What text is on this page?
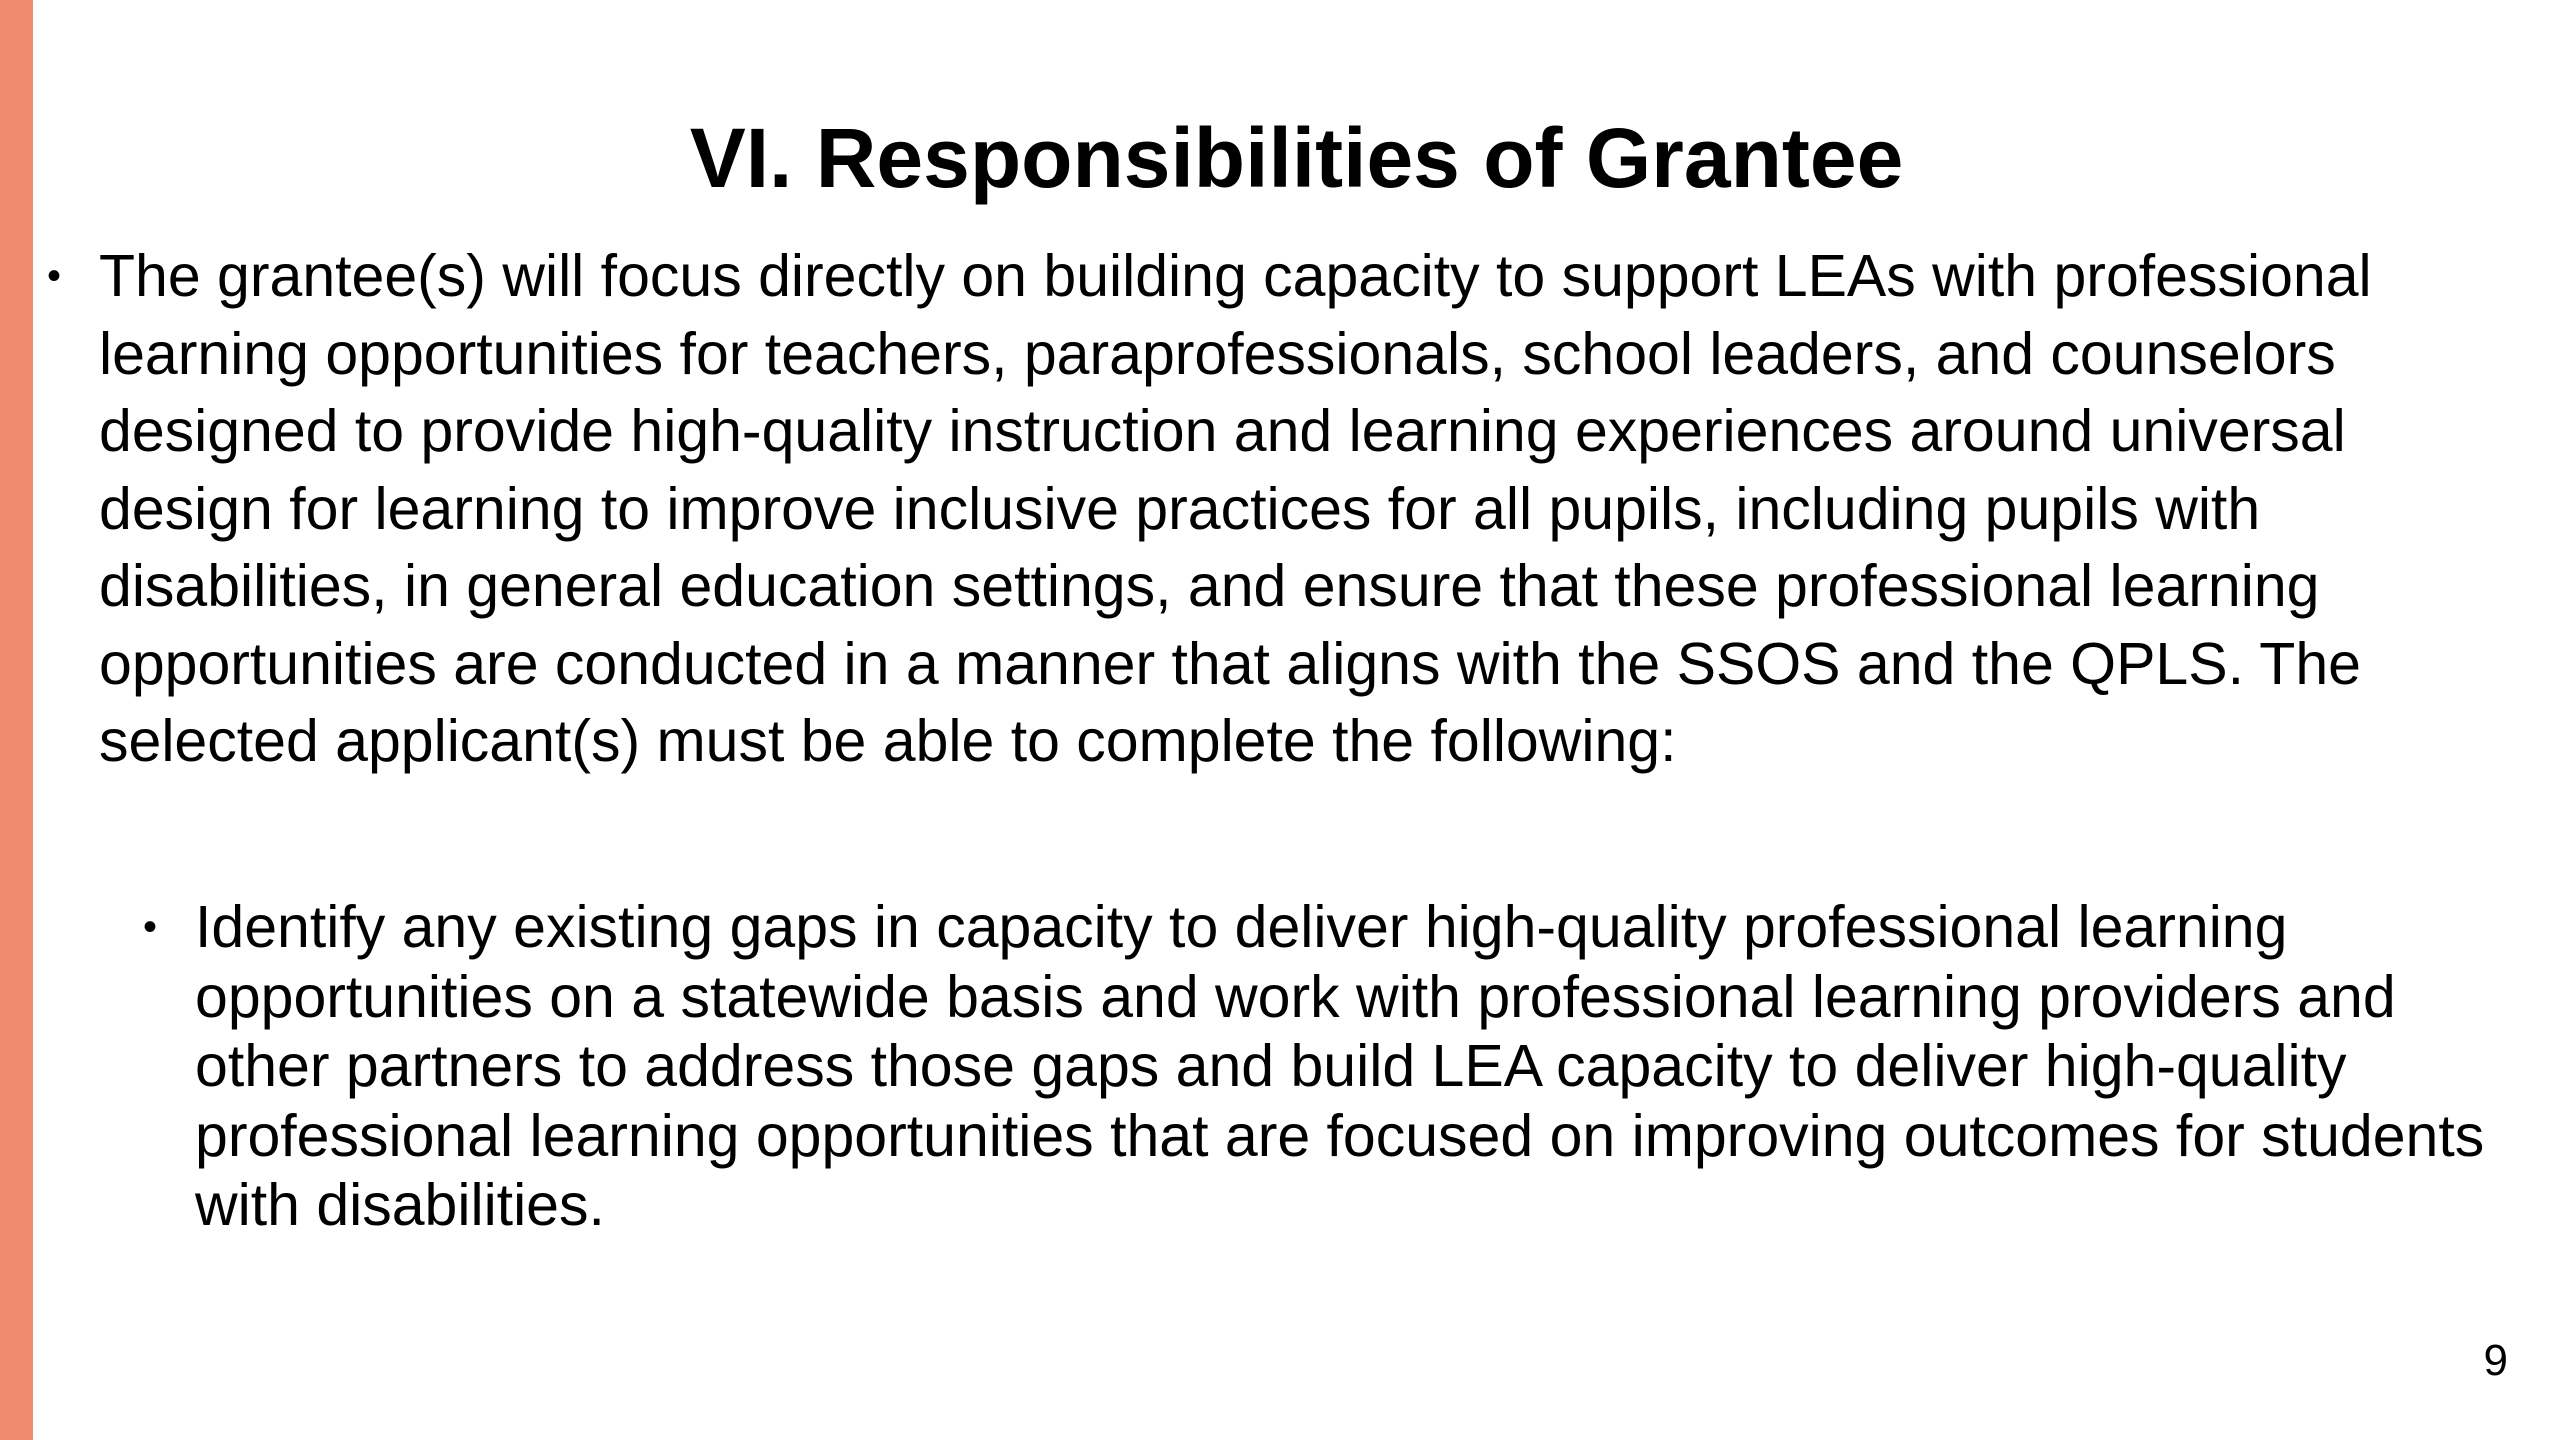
VI. Responsibilities of Grantee
• The grantee(s) will focus directly on building capacity to support LEAs with professional learning opportunities for teachers, paraprofessionals, school leaders, and counselors designed to provide high-quality instruction and learning experiences around universal design for learning to improve inclusive practices for all pupils, including pupils with disabilities, in general education settings, and ensure that these professional learning opportunities are conducted in a manner that aligns with the SSOS and the QPLS. The selected applicant(s) must be able to complete the following:
• Identify any existing gaps in capacity to deliver high-quality professional learning opportunities on a statewide basis and work with professional learning providers and other partners to address those gaps and build LEA capacity to deliver high-quality professional learning opportunities that are focused on improving outcomes for students with disabilities.
9
